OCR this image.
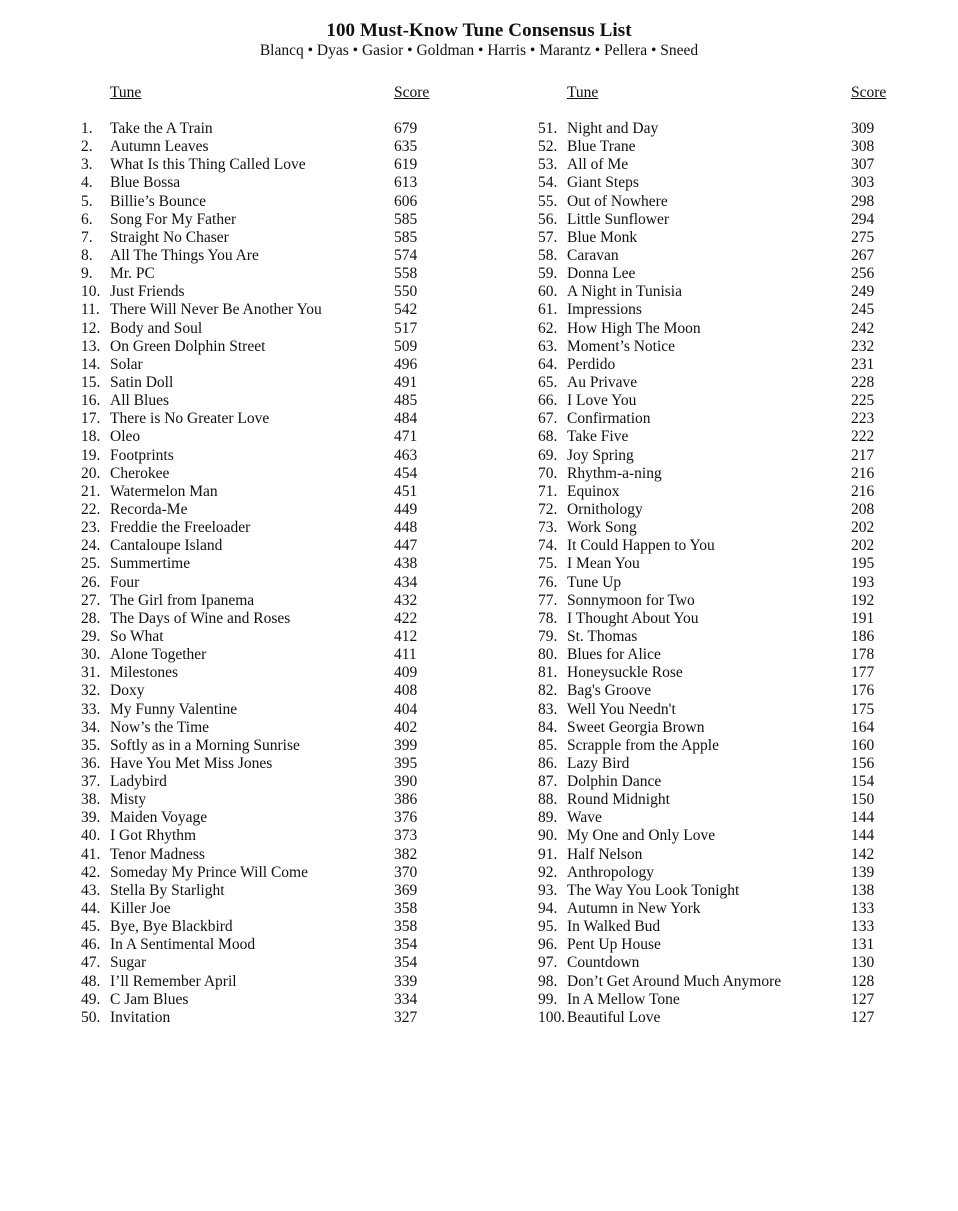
100 Must-Know Tune Consensus List
Blancq • Dyas • Gasior • Goldman • Harris • Marantz • Pellera • Sneed
Tune	Score	Tune	Score
1. Take the A Train	679
2. Autumn Leaves	635
3. What Is this Thing Called Love	619
4. Blue Bossa	613
5. Billie’s Bounce	606
6. Song For My Father	585
7. Straight No Chaser	585
8. All The Things You Are	574
9. Mr. PC	558
10. Just Friends	550
11. There Will Never Be Another You	542
12. Body and Soul	517
13. On Green Dolphin Street	509
14. Solar	496
15. Satin Doll	491
16. All Blues	485
17. There is No Greater Love	484
18. Oleo	471
19. Footprints	463
20. Cherokee	454
21. Watermelon Man	451
22. Recorda-Me	449
23. Freddie the Freeloader	448
24. Cantaloupe Island	447
25. Summertime	438
26. Four	434
27. The Girl from Ipanema	432
28. The Days of Wine and Roses	422
29. So What	412
30. Alone Together	411
31. Milestones	409
32. Doxy	408
33. My Funny Valentine	404
34. Now’s the Time	402
35. Softly as in a Morning Sunrise	399
36. Have You Met Miss Jones	395
37. Ladybird	390
38. Misty	386
39. Maiden Voyage	376
40. I Got Rhythm	373
41. Tenor Madness	382
42. Someday My Prince Will Come	370
43. Stella By Starlight	369
44. Killer Joe	358
45. Bye, Bye Blackbird	358
46. In A Sentimental Mood	354
47. Sugar	354
48. I’ll Remember April	339
49. C Jam Blues	334
50. Invitation	327
51. Night and Day	309
52. Blue Trane	308
53. All of Me	307
54. Giant Steps	303
55. Out of Nowhere	298
56. Little Sunflower	294
57. Blue Monk	275
58. Caravan	267
59. Donna Lee	256
60. A Night in Tunisia	249
61. Impressions	245
62. How High The Moon	242
63. Moment’s Notice	232
64. Perdido	231
65. Au Privave	228
66. I Love You	225
67. Confirmation	223
68. Take Five	222
69. Joy Spring	217
70. Rhythm-a-ning	216
71. Equinox	216
72. Ornithology	208
73. Work Song	202
74. It Could Happen to You	202
75. I Mean You	195
76. Tune Up	193
77. Sonnymoon for Two	192
78. I Thought About You	191
79. St. Thomas	186
80. Blues for Alice	178
81. Honeysuckle Rose	177
82. Bag's Groove	176
83. Well You Needn't	175
84. Sweet Georgia Brown	164
85. Scrapple from the Apple	160
86. Lazy Bird	156
87. Dolphin Dance	154
88. Round Midnight	150
89. Wave	144
90. My One and Only Love	144
91. Half Nelson	142
92. Anthropology	139
93. The Way You Look Tonight	138
94. Autumn in New York	133
95. In Walked Bud	133
96. Pent Up House	131
97. Countdown	130
98. Don’t Get Around Much Anymore	128
99. In A Mellow Tone	127
100. Beautiful Love	127
